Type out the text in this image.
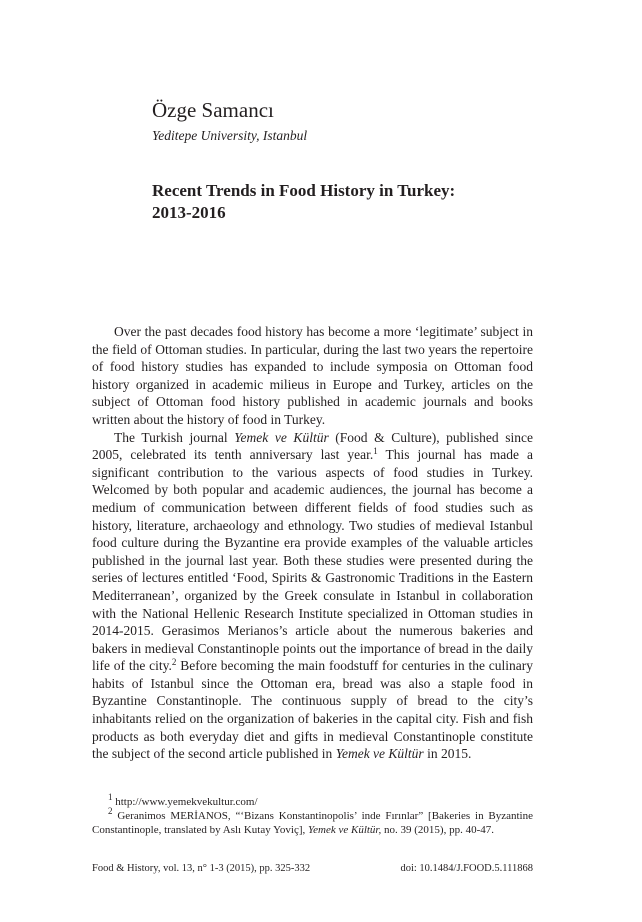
Özge Samancı
Yeditepe University, Istanbul
Recent Trends in Food History in Turkey:
2013-2016

Over the past decades food history has become a more ‘legitimate’ subject in the field of Ottoman studies. In particular, during the last two years the repertoire of food history studies has expanded to include symposia on Ottoman food history organized in academic milieus in Europe and Turkey, articles on the subject of Ottoman food history published in academic journals and books written about the history of food in Turkey.

The Turkish journal Yemek ve Kültür (Food & Culture), published since 2005, celebrated its tenth anniversary last year.$^1$ This journal has made a significant contribution to the various aspects of food studies in Turkey. Welcomed by both popular and academic audiences, the journal has become a medium of communication between different fields of food studies such as history, literature, archaeology and ethnology. Two studies of medieval Istanbul food culture during the Byzantine era provide examples of the valuable articles published in the journal last year. Both these studies were presented during the series of lectures entitled ‘Food, Spirits & Gastronomic Traditions in the Eastern Mediterranean’, organized by the Greek consulate in Istanbul in collaboration with the National Hellenic Research Institute specialized in Ottoman studies in 2014-2015. Gerasimos Merianos’s article about the numerous bakeries and bakers in medieval Constantinople points out the importance of bread in the daily life of the city.$^2$ Before becoming the main foodstuff for centuries in the culinary habits of Istanbul since the Ottoman era, bread was also a staple food in Byzantine Constantinople. The continuous supply of bread to the city’s inhabitants relied on the organization of bakeries in the capital city. Fish and fish products as both everyday diet and gifts in medieval Constantinople constitute the subject of the second article published in Yemek ve Kültür in 2015.

$^1$ http://www.yemekvekultur.com/

$^2$ Geranimos MERİANOS, “‘Bizans Konstantinopolis’ inde Fırınlar” [Bakeries in Byzantine Constantinople, translated by Aslı Kutay Yoviç], Yemek ve Kültür, no. 39 (2015), pp. 40-47.

Food & History, vol. 13, n° 1-3 (2015), pp. 325-332	doi: 10.1484/J.FOOD.5.111868
